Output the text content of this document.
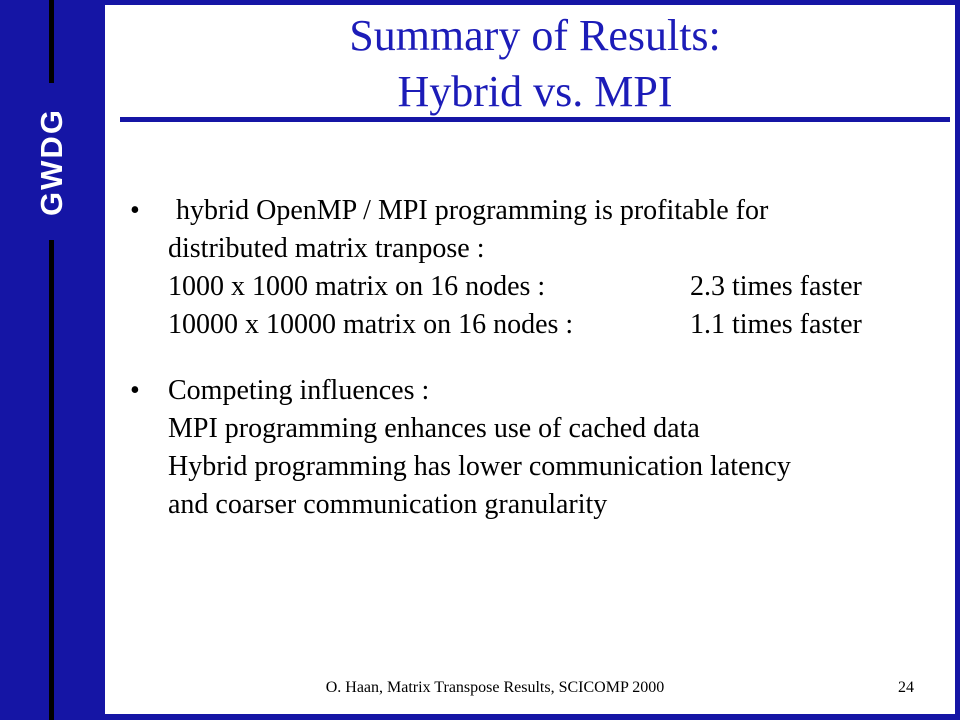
GWDG
Summary of Results:
Hybrid vs. MPI
• hybrid OpenMP / MPI programming is profitable for
distributed matrix tranpose :
1000 x 1000 matrix on 16 nodes :	2.3 times faster
10000 x 10000 matrix on 16 nodes :	1.1 times faster
• Competing influences :
MPI programming enhances use of cached data
Hybrid programming has lower communication latency
and coarser communication granularity
O. Haan, Matrix Transpose Results, SCICOMP 2000	24
